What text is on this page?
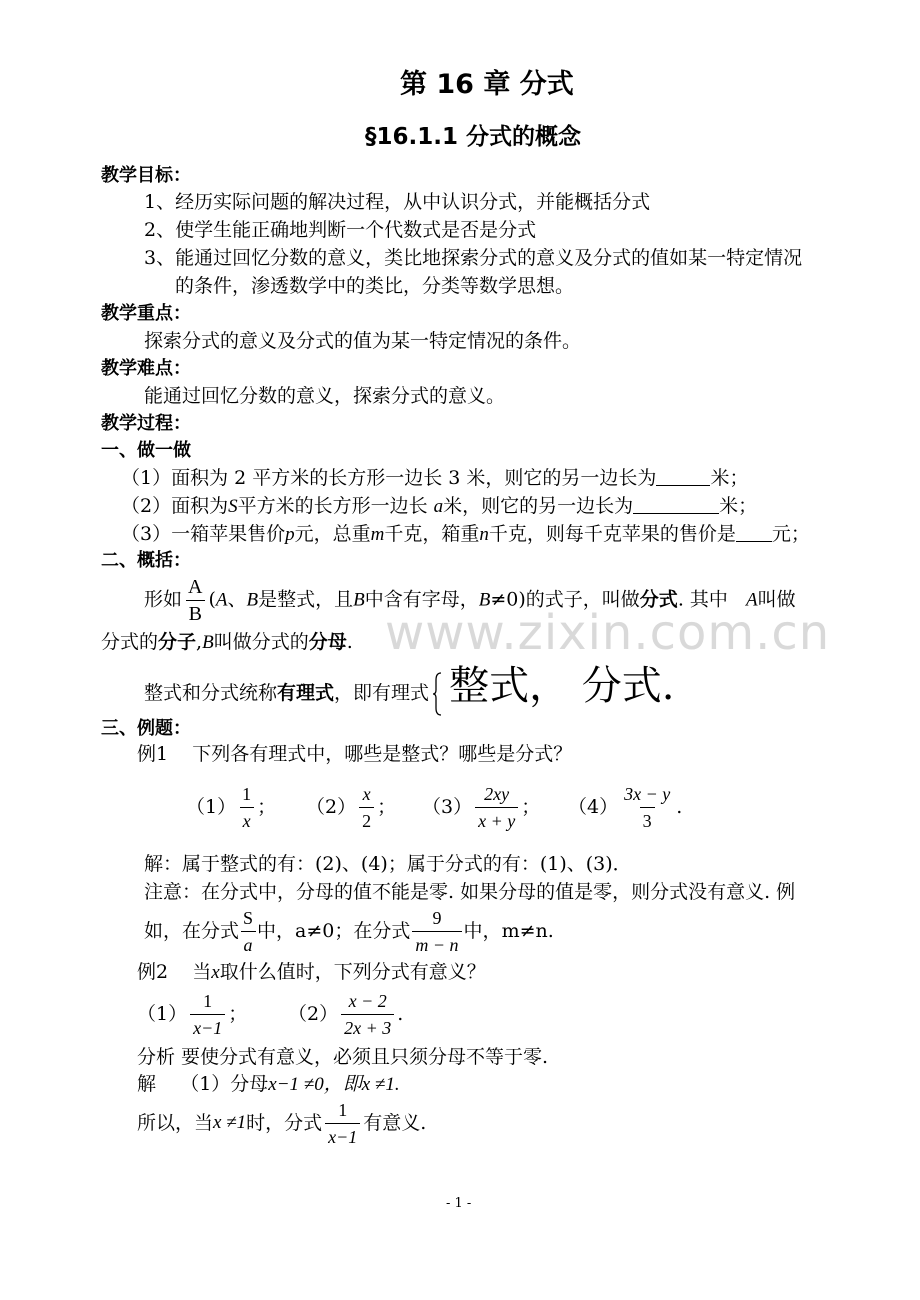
www.zixin.com.cn
第 16 章 分式
§16.1.1 分式的概念
教学目标：
1、经历实际问题的解决过程，从中认识分式，并能概括分式
2、使学生能正确地判断一个代数式是否是分式
3、能通过回忆分数的意义，类比地探索分式的意义及分式的值如某一特定情况
的条件，渗透数学中的类比，分类等数学思想。
教学重点：
探索分式的意义及分式的值为某一特定情况的条件。
教学难点：
能通过回忆分数的意义，探索分式的意义。
教学过程：
一、做一做
（1）面积为 2 平方米的长方形一边长 3 米，则它的另一边长为	米；
（2）面积为S平方米的长方形一边长 a米，则它的另一边长为	米；
（3）一箱苹果售价p元，总重m千克，箱重n千克，则每千克苹果的售价是 元；
二、概括：
形如 $\frac{A}{B} (A$、B是整式，且B中含有字母，B≠0)的式子，叫做分式. 其中 A叫做
分式的分子,B叫做分式的分母.
整式和分式统称有理式，即有理式 整式， 分式.
三、例题：
例1 下列各有理式中，哪些是整式？哪些是分式？
$(1) \frac{1}{x}$ ； $(2) \frac{x}{2}$ ； $(3) \frac{2xy}{x + y}$ ； $(4) \frac{3x - y}{3}$ .
解：属于整式的有：(2)、(4)；属于分式的有：(1)、(3)．
注意：在分式中，分母的值不能是零. 如果分母的值是零，则分式没有意义. 例
如，在分式 $\frac{S}{a}$ 中， a≠0；在分式 $\frac{9}{m - n}$ 中， m≠n.
例2 当x取什么值时，下列分式有意义？
$(1) \frac{1}{x-1}$ ； $(2) \frac{x - 2}{2x + 3}$ .
分析 要使分式有意义，必须且只须分母不等于零.
解 （1）分母x−1 ≠0，即x ≠1.
所以，当 x ≠1 时，分式 $\frac{1}{x-1}$ 有意义.
- 1 -
